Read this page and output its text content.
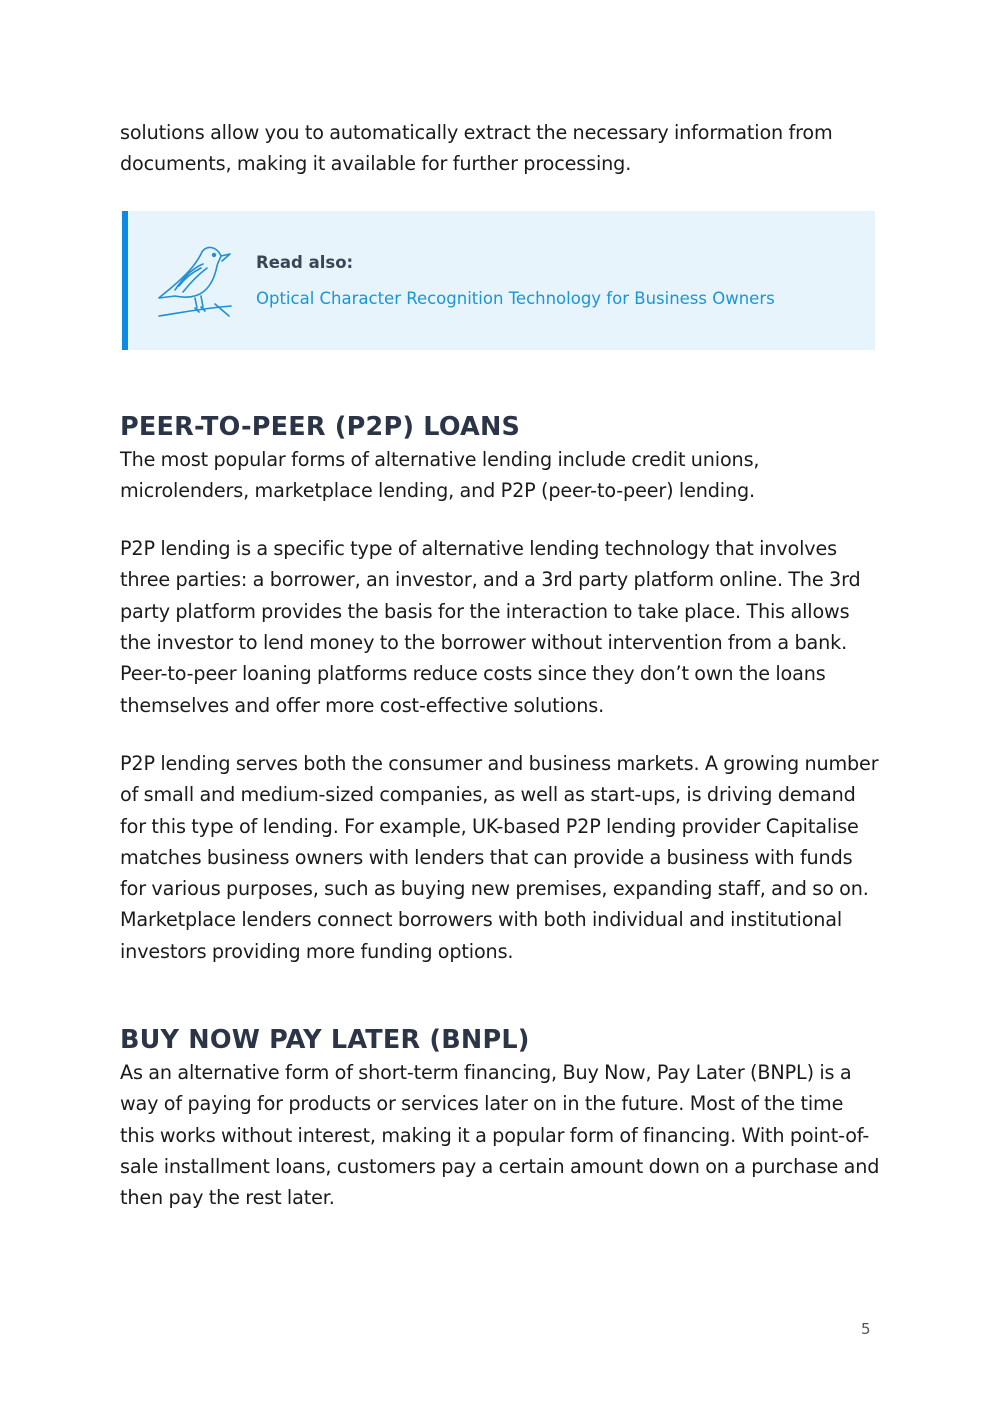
solutions allow you to automatically extract the necessary information from documents, making it available for further processing.

Read also:
Optical Character Recognition Technology for Business Owners
PEER-TO-PEER (P2P) LOANS

The most popular forms of alternative lending include credit unions, microlenders, marketplace lending, and P2P (peer-to-peer) lending.

P2P lending is a specific type of alternative lending technology that involves three parties: a borrower, an investor, and a 3rd party platform online. The 3rd party platform provides the basis for the interaction to take place. This allows the investor to lend money to the borrower without intervention from a bank. Peer-to-peer loaning platforms reduce costs since they don’t own the loans themselves and offer more cost-effective solutions.

P2P lending serves both the consumer and business markets. A growing number of small and medium-sized companies, as well as start-ups, is driving demand for this type of lending. For example, UK-based P2P lending provider Capitalise matches business owners with lenders that can provide a business with funds for various purposes, such as buying new premises, expanding staff, and so on. Marketplace lenders connect borrowers with both individual and institutional investors providing more funding options.

BUY NOW PAY LATER (BNPL)

As an alternative form of short-term financing, Buy Now, Pay Later (BNPL) is a way of paying for products or services later on in the future. Most of the time this works without interest, making it a popular form of financing. With point-of-sale installment loans, customers pay a certain amount down on a purchase and then pay the rest later.

5
